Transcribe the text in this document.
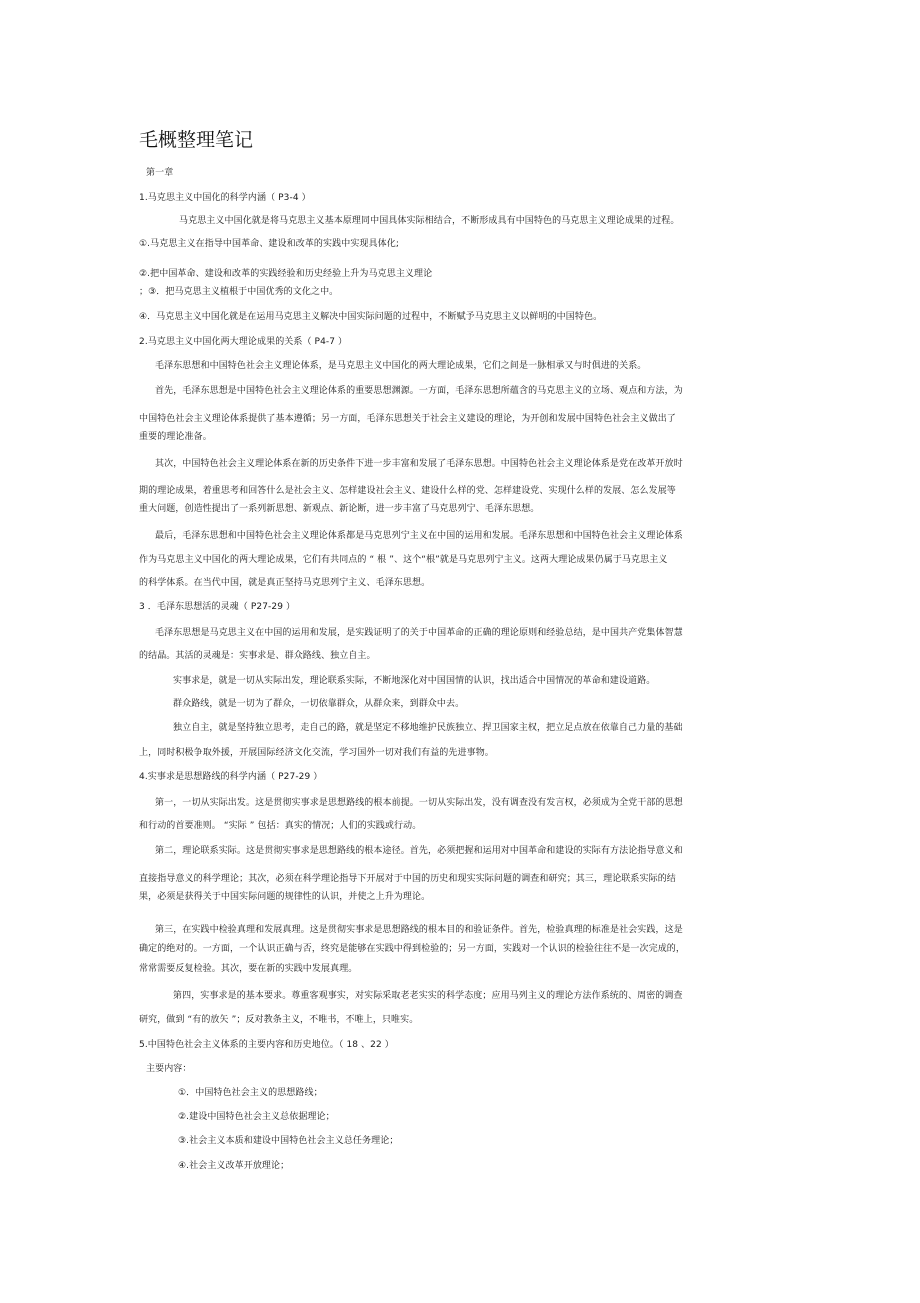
毛概整理笔记
第一章
1.马克思主义中国化的科学内涵（ P3-4 ）
马克思主义中国化就是将马克思主义基本原理同中国具体实际相结合，不断形成具有中国特色的马克思主义理论成果的过程。
①.马克思主义在指导中国革命、建设和改革的实践中实现具体化;
②.把中国革命、建设和改革的实践经验和历史经验上升为马克思主义理论
；③．把马克思主义植根于中国优秀的文化之中。
④．马克思主义中国化就是在运用马克思主义解决中国实际问题的过程中，不断赋予马克思主义以鲜明的中国特色。
2.马克思主义中国化两大理论成果的关系（ P4-7 ）
毛泽东思想和中国特色社会主义理论体系，是马克思主义中国化的两大理论成果，它们之间是一脉相承又与时俱进的关系。
首先，毛泽东思想是中国特色社会主义理论体系的重要思想渊源。一方面，毛泽东思想所蕴含的马克思主义的立场、观点和方法，为
中国特色社会主义理论体系提供了基本遵循；另一方面，毛泽东思想关于社会主义建设的理论，为开创和发展中国特色社会主义做出了
重要的理论准备。
其次，中国特色社会主义理论体系在新的历史条件下进一步丰富和发展了毛泽东思想。中国特色社会主义理论体系是党在改革开放时
期的理论成果，着重思考和回答什么是社会主义、怎样建设社会主义、建设什么样的党、怎样建设党、实现什么样的发展、怎么发展等
重大问题，创造性提出了一系列新思想、新观点、新论断，进一步丰富了马克思列宁、毛泽东思想。
最后，毛泽东思想和中国特色社会主义理论体系都是马克思列宁主义在中国的运用和发展。毛泽东思想和中国特色社会主义理论体系
作为马克思主义中国化的两大理论成果，它们有共同点的 “ 根 ”、这个“根”就是马克思列宁主义。这两大理论成果仍属于马克思主义
的科学体系。在当代中国，就是真正坚持马克思列宁主义、毛泽东思想。
3 ．毛泽东思想活的灵魂（ P27-29 ）
毛泽东思想是马克思主义在中国的运用和发展，是实践证明了的关于中国革命的正确的理论原则和经验总结，是中国共产党集体智慧
的结晶。其活的灵魂是：实事求是、群众路线、独立自主。
实事求是，就是一切从实际出发，理论联系实际，不断地深化对中国国情的认识，找出适合中国情况的革命和建设道路。
群众路线，就是一切为了群众，一切依靠群众，从群众来，到群众中去。
独立自主，就是坚持独立思考，走自己的路，就是坚定不移地维护民族独立、捍卫国家主权，把立足点放在依靠自己力量的基础
上，同时积极争取外援，开展国际经济文化交流，学习国外一切对我们有益的先进事物。
4.实事求是思想路线的科学内涵（ P27-29 ）
第一，一切从实际出发。这是贯彻实事求是思想路线的根本前提。一切从实际出发，没有调查没有发言权，必须成为全党干部的思想
和行动的首要准则。 “实际 ” 包括：真实的情况；人们的实践或行动。
第二，理论联系实际。这是贯彻实事求是思想路线的根本途径。首先，必须把握和运用对中国革命和建设的实际有方法论指导意义和
直接指导意义的科学理论；其次，必须在科学理论指导下开展对于中国的历史和现实实际问题的调查和研究；其三，理论联系实际的结
果，必须是获得关于中国实际问题的规律性的认识，并使之上升为理论。
第三，在实践中检验真理和发展真理。这是贯彻实事求是思想路线的根本目的和验证条件。首先，检验真理的标准是社会实践，这是
确定的绝对的。一方面，一个认识正确与否，终究是能够在实践中得到检验的；另一方面，实践对一个认识的检验往往不是一次完成的，
常常需要反复检验。其次，要在新的实践中发展真理。
第四，实事求是的基本要求。尊重客观事实，对实际采取老老实实的科学态度；应用马列主义的理论方法作系统的、周密的调查
研究，做到 “有的放矢 ”；反对教条主义，不唯书，不唯上，只唯实。
5.中国特色社会主义体系的主要内容和历史地位。（ 18 、22 ）
主要内容：
①．中国特色社会主义的思想路线；
②.建设中国特色社会主义总依据理论；
③.社会主义本质和建设中国特色社会主义总任务理论；
④.社会主义改革开放理论；
